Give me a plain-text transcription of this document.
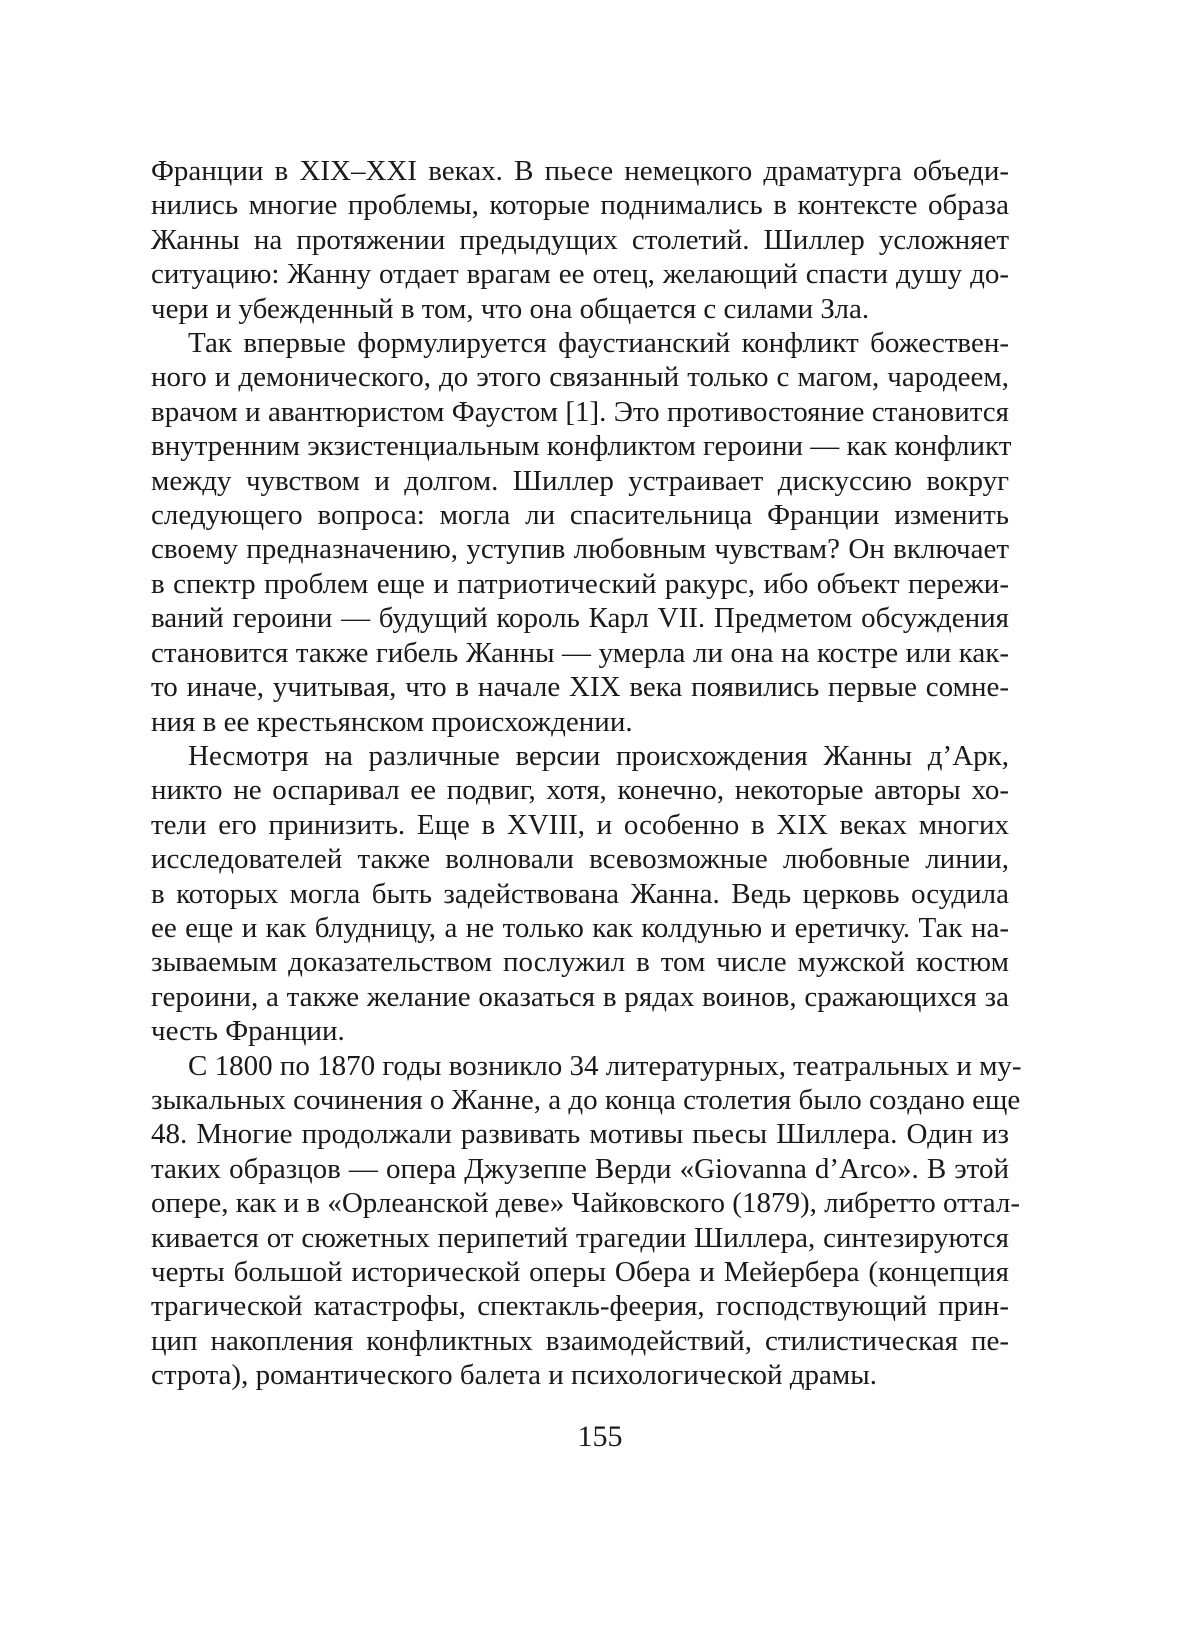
Франции в XIX–XXI веках. В пьесе немецкого драматурга объеди-
нились многие проблемы, которые поднимались в контексте образа
Жанны на протяжении предыдущих столетий. Шиллер усложняет
ситуацию: Жанну отдает врагам ее отец, желающий спасти душу до-
чери и убежденный в том, что она общается с силами Зла.
Так впервые формулируется фаустианский конфликт божествен-
ного и демонического, до этого связанный только с магом, чародеем,
врачом и авантюристом Фаустом [1]. Это противостояние становится
внутренним экзистенциальным конфликтом героини — как конфликт
между чувством и долгом. Шиллер устраивает дискуссию вокруг
следующего вопроса: могла ли спасительница Франции изменить
своему предназначению, уступив любовным чувствам? Он включает
в спектр проблем еще и патриотический ракурс, ибо объект пережи-
ваний героини — будущий король Карл VII. Предметом обсуждения
становится также гибель Жанны — умерла ли она на костре или как-
то иначе, учитывая, что в начале XIX века появились первые сомне-
ния в ее крестьянском происхождении.
Несмотря на различные версии происхождения Жанны д’Арк,
никто не оспаривал ее подвиг, хотя, конечно, некоторые авторы хо-
тели его принизить. Еще в XVIII, и особенно в XIX веках многих
исследователей также волновали всевозможные любовные линии,
в которых могла быть задействована Жанна. Ведь церковь осудила
ее еще и как блудницу, а не только как колдунью и еретичку. Так на-
зываемым доказательством послужил в том числе мужской костюм
героини, а также желание оказаться в рядах воинов, сражающихся за
честь Франции.
С 1800 по 1870 годы возникло 34 литературных, театральных и му-
зыкальных сочинения о Жанне, а до конца столетия было создано еще
48. Многие продолжали развивать мотивы пьесы Шиллера. Один из
таких образцов — опера Джузеппе Верди «Giovanna d’Arco». В этой
опере, как и в «Орлеанской деве» Чайковского (1879), либретто оттал-
кивается от сюжетных перипетий трагедии Шиллера, синтезируются
черты большой исторической оперы Обера и Мейербера (концепция
трагической катастрофы, спектакль-феерия, господствующий прин-
цип накопления конфликтных взаимодействий, стилистическая пе-
строта), романтического балета и психологической драмы.
155
